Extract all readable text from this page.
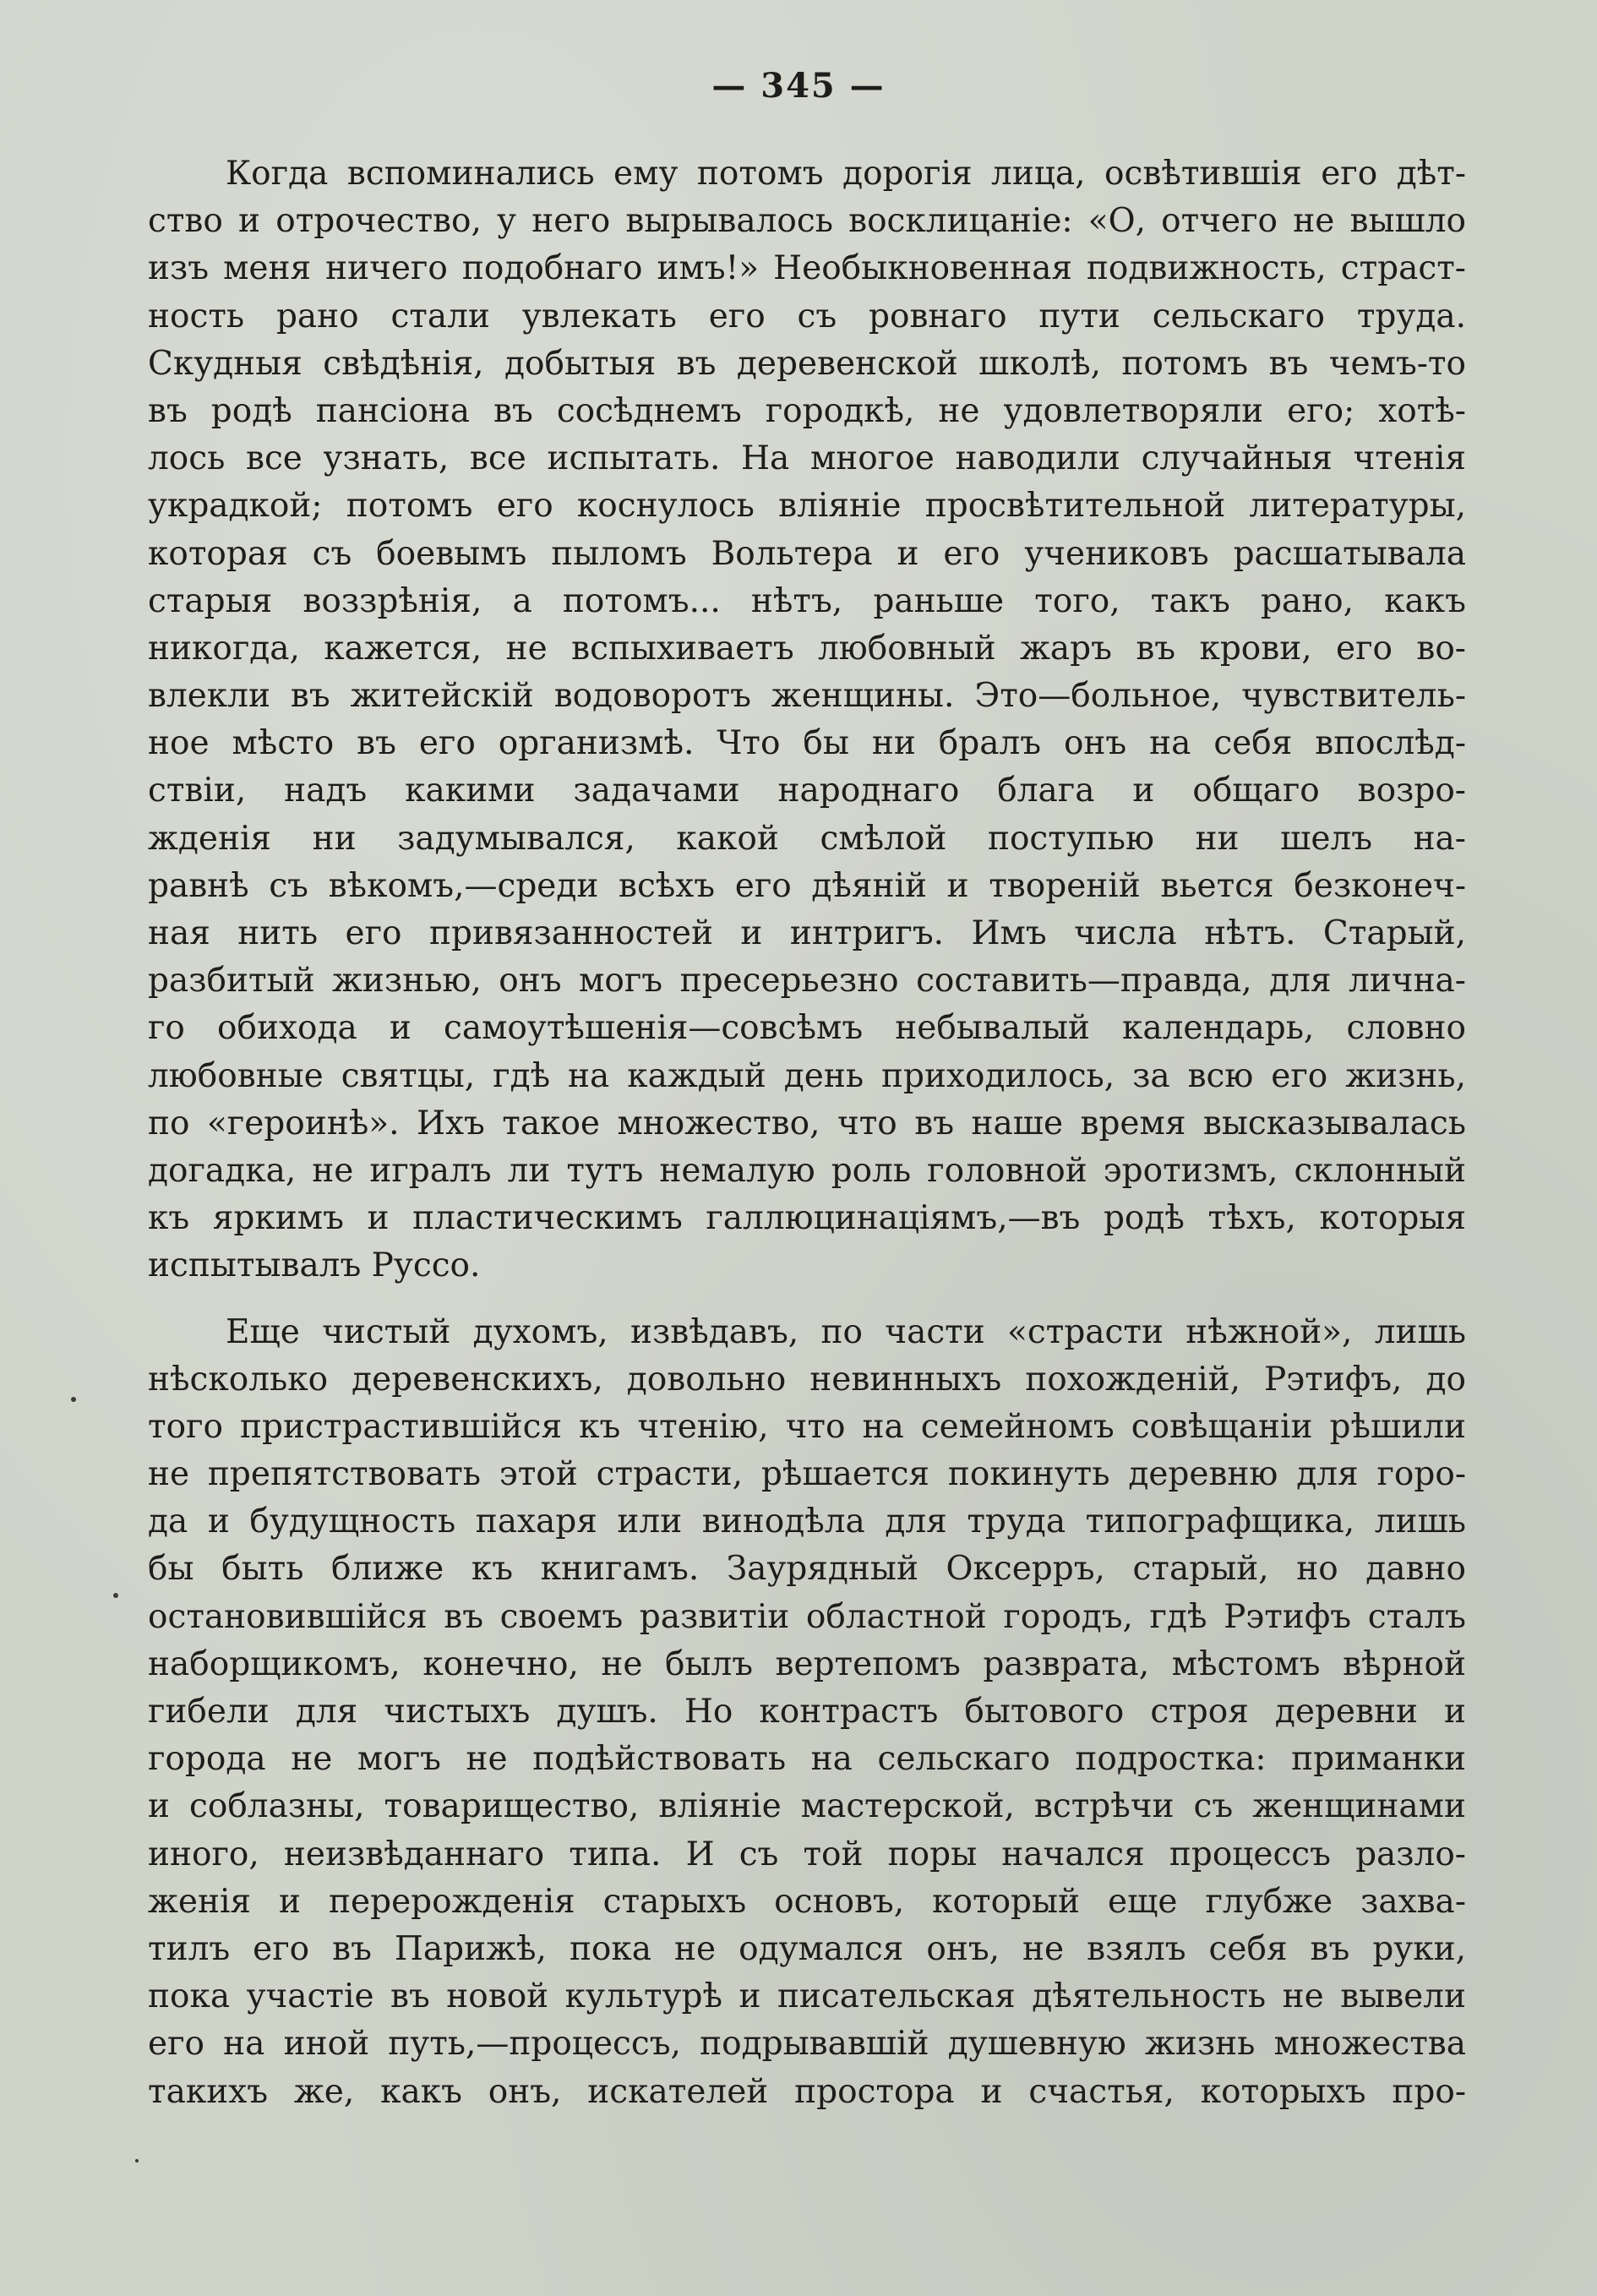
— 345 —
Когда вспоминались ему потомъ дорогія лица, освѣтившія его дѣт-
ство и отрочество, у него вырывалось восклицаніе: «О, отчего не вышло
изъ меня ничего подобнаго имъ!» Необыкновенная подвижность, страст-
ность рано стали увлекать его съ ровнаго пути сельскаго труда.
Скудныя свѣдѣнія, добытыя въ деревенской школѣ, потомъ въ чемъ-то
въ родѣ пансіона въ сосѣднемъ городкѣ, не удовлетворяли его; хотѣ-
лось все узнать, все испытать. На многое наводили случайныя чтенія
украдкой; потомъ его коснулось вліяніе просвѣтительной литературы,
которая съ боевымъ пыломъ Вольтера и его учениковъ расшатывала
старыя воззрѣнія, а потомъ... нѣтъ, раньше того, такъ рано, какъ
никогда, кажется, не вспыхиваетъ любовный жаръ въ крови, его во-
влекли въ житейскій водоворотъ женщины. Это—больное, чувствитель-
ное мѣсто въ его организмѣ. Что бы ни бралъ онъ на себя впослѣд-
ствіи, надъ какими задачами народнаго блага и общаго возро-
жденія ни задумывался, какой смѣлой поступью ни шелъ на-
равнѣ съ вѣкомъ,—среди всѣхъ его дѣяній и твореній вьется безконеч-
ная нить его привязанностей и интригъ. Имъ числа нѣтъ. Старый,
разбитый жизнью, онъ могъ пресерьезно составить—правда, для лична-
го обихода и самоутѣшенія—совсѣмъ небывалый календарь, словно
любовные святцы, гдѣ на каждый день приходилось, за всю его жизнь,
по «героинѣ». Ихъ такое множество, что въ наше время высказывалась
догадка, не игралъ ли тутъ немалую роль головной эротизмъ, склонный
къ яркимъ и пластическимъ галлюцинаціямъ,—въ родѣ тѣхъ, которыя
испытывалъ Руссо.
Еще чистый духомъ, извѣдавъ, по части «страсти нѣжной», лишь
нѣсколько деревенскихъ, довольно невинныхъ похожденій, Рэтифъ, до
того пристрастившійся къ чтенію, что на семейномъ совѣщаніи рѣшили
не препятствовать этой страсти, рѣшается покинуть деревню для горо-
да и будущность пахаря или винодѣла для труда типографщика, лишь
бы быть ближе къ книгамъ. Заурядный Оксерръ, старый, но давно
остановившійся въ своемъ развитіи областной городъ, гдѣ Рэтифъ сталъ
наборщикомъ, конечно, не былъ вертепомъ разврата, мѣстомъ вѣрной
гибели для чистыхъ душъ. Но контрастъ бытового строя деревни и
города не могъ не подѣйствовать на сельскаго подростка: приманки
и соблазны, товарищество, вліяніе мастерской, встрѣчи съ женщинами
иного, неизвѣданнаго типа. И съ той поры начался процессъ разло-
женія и перерожденія старыхъ основъ, который еще глубже захва-
тилъ его въ Парижѣ, пока не одумался онъ, не взялъ себя въ руки,
пока участіе въ новой культурѣ и писательская дѣятельность не вывели
его на иной путь,—процессъ, подрывавшій душевную жизнь множества
такихъ же, какъ онъ, искателей простора и счастья, которыхъ про-
